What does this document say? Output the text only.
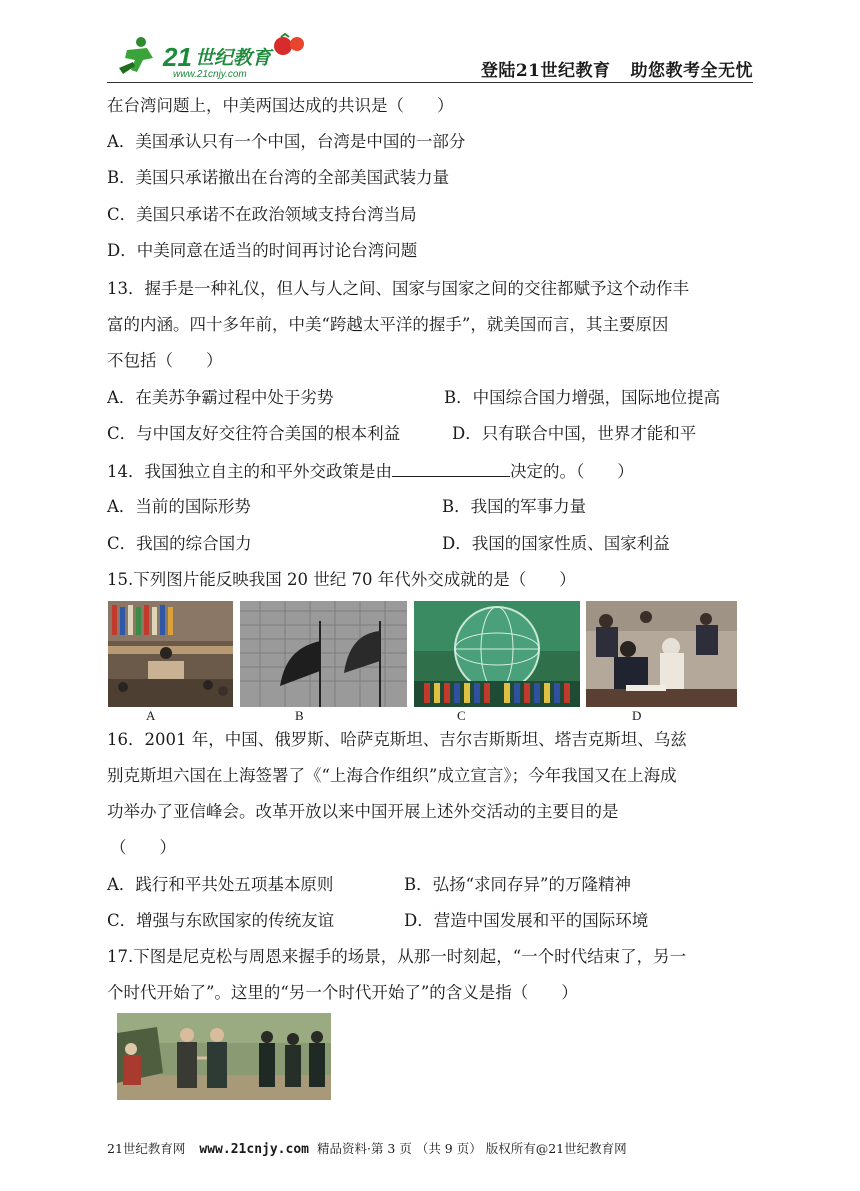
21 世纪教育
www.21cnjy.com	登陆21世纪教育 助您教考全无忧
在台湾问题上，中美两国达成的共识是（　　）
A．美国承认只有一个中国，台湾是中国的一部分
B．美国只承诺撤出在台湾的全部美国武装力量
C．美国只承诺不在政治领域支持台湾当局
D．中美同意在适当的时间再讨论台湾问题
13．握手是一种礼仪，但人与人之间、国家与国家之间的交往都赋予这个动作丰
富的内涵。四十多年前，中美“跨越太平洋的握手”，就美国而言，其主要原因
不包括（　　）
A．在美苏争霸过程中处于劣势	B．中国综合国力增强，国际地位提高
C．与中国友好交往符合美国的根本利益	D．只有联合中国，世界才能和平
14．我国独立自主的和平外交政策是由	决定的。（　　）
A．当前的国际形势	B．我国的军事力量
C．我国的综合国力	D．我国的国家性质、国家利益
15.下列图片能反映我国 20 世纪 70 年代外交成就的是（　　）
A	B	C	D
16．2001 年，中国、俄罗斯、哈萨克斯坦、吉尔吉斯斯坦、塔吉克斯坦、乌兹
别克斯坦六国在上海签署了《“上海合作组织”成立宣言》；今年我国又在上海成
功举办了亚信峰会。改革开放以来中国开展上述外交活动的主要目的是
（　　）
A．践行和平共处五项基本原则	B．弘扬“求同存异”的万隆精神
C．增强与东欧国家的传统友谊	D．营造中国发展和平的国际环境
17.下图是尼克松与周恩来握手的场景，从那一时刻起，“一个时代结束了，另一
个时代开始了”。这里的“另一个时代开始了”的含义是指（　　）
21世纪教育网 www.21cnjy.com 精品资料·第 3 页 （共 9 页） 版权所有@21世纪教育网
